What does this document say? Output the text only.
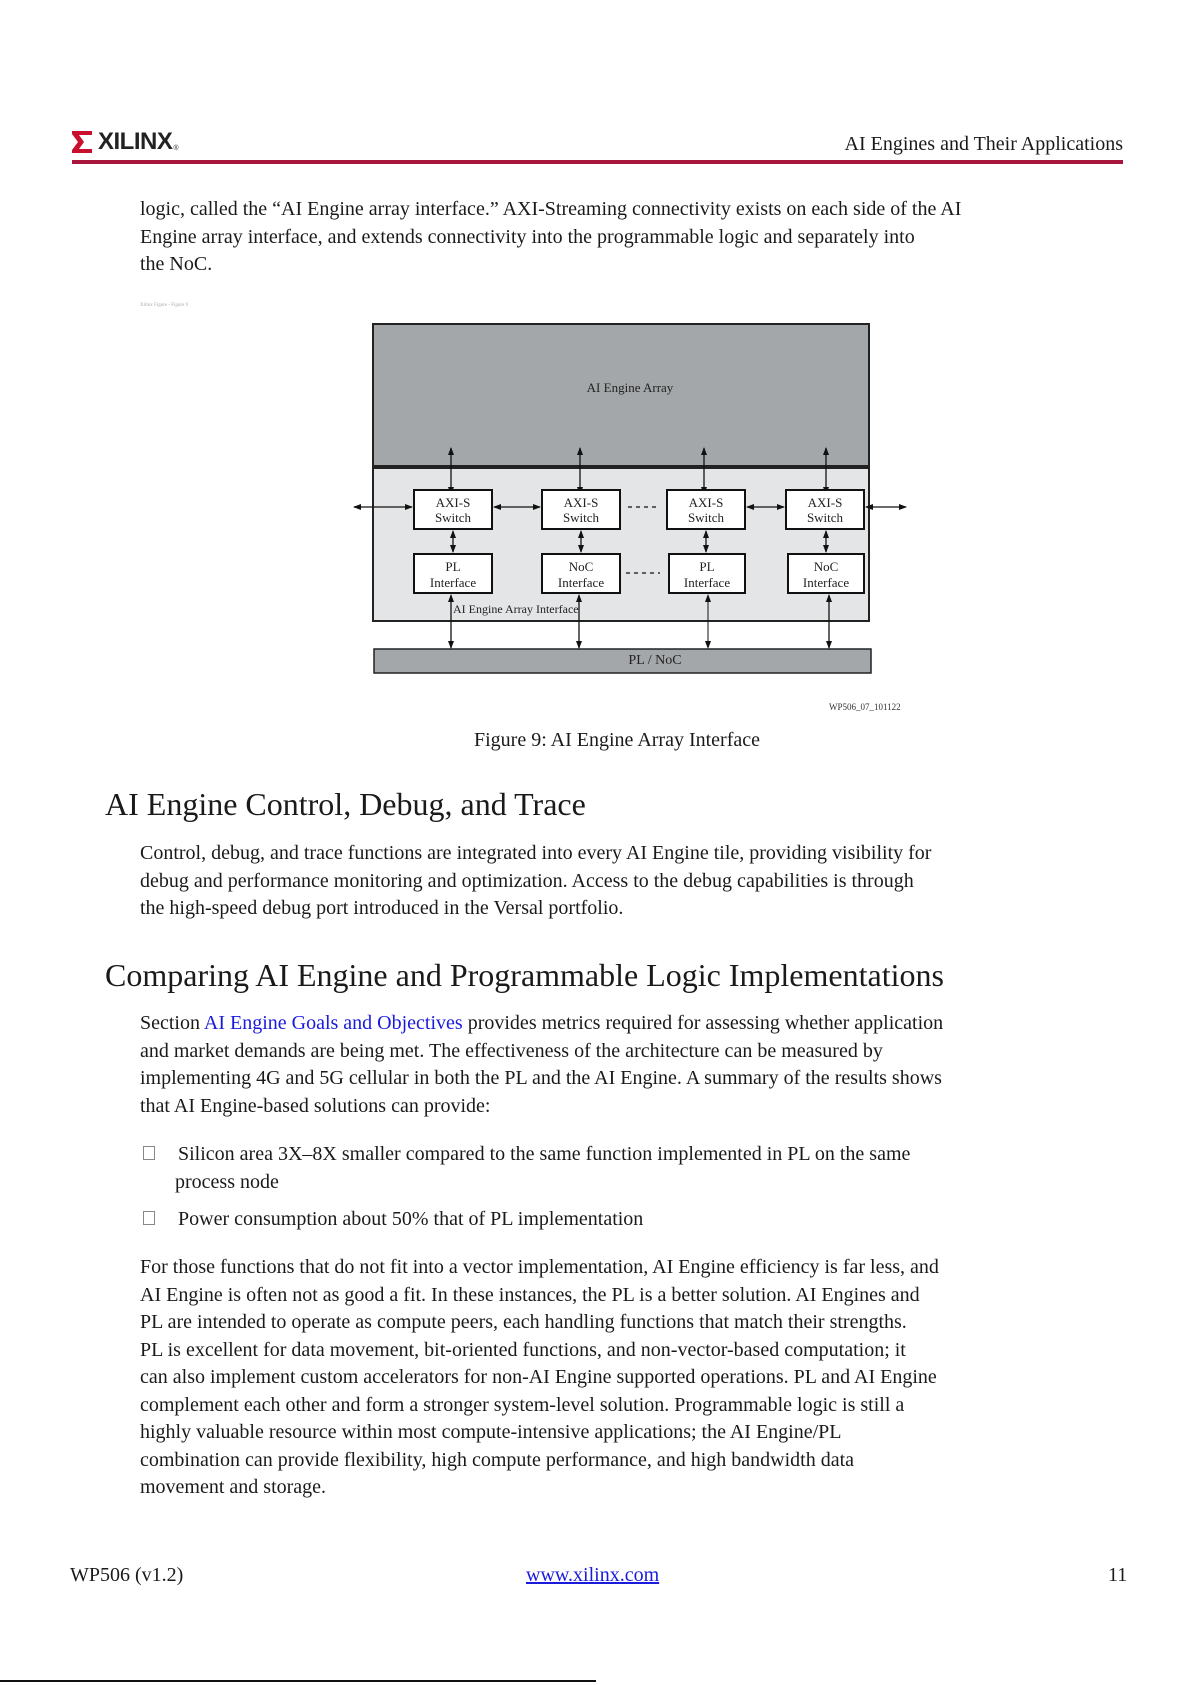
XILINX ®	AI Engines and Their Applications
logic, called the “AI Engine array interface.” AXI-Streaming connectivity exists on each side of the AI
Engine array interface, and extends connectivity into the programmable logic and separately into
the NoC.
Xilinx Figure - Figure 9
AI Engine Array
AXI-S
Switch
AXI-S
Switch
AXI-S
Switch
AXI-S
Switch
PL
Interface
NoC
Interface
PL
Interface
NoC
Interface
AI Engine Array Interface
PL / NoC
WP506_07_101122
Figure 9: AI Engine Array Interface
AI Engine Control, Debug, and Trace
Control, debug, and trace functions are integrated into every AI Engine tile, providing visibility for
debug and performance monitoring and optimization. Access to the debug capabilities is through
the high-speed debug port introduced in the Versal portfolio.
Comparing AI Engine and Programmable Logic Implementations
Section AI Engine Goals and Objectives provides metrics required for assessing whether application
and market demands are being met. The effectiveness of the architecture can be measured by
implementing 4G and 5G cellular in both the PL and the AI Engine. A summary of the results shows
that AI Engine-based solutions can provide:
Silicon area 3X–8X smaller compared to the same function implemented in PL on the same
process node
Power consumption about 50% that of PL implementation
For those functions that do not fit into a vector implementation, AI Engine efficiency is far less, and
AI Engine is often not as good a fit. In these instances, the PL is a better solution. AI Engines and
PL are intended to operate as compute peers, each handling functions that match their strengths.
PL is excellent for data movement, bit-oriented functions, and non-vector-based computation; it
can also implement custom accelerators for non-AI Engine supported operations. PL and AI Engine
complement each other and form a stronger system-level solution. Programmable logic is still a
highly valuable resource within most compute-intensive applications; the AI Engine/PL
combination can provide flexibility, high compute performance, and high bandwidth data
movement and storage.
WP506 (v1.2)	www.xilinx.com	11
